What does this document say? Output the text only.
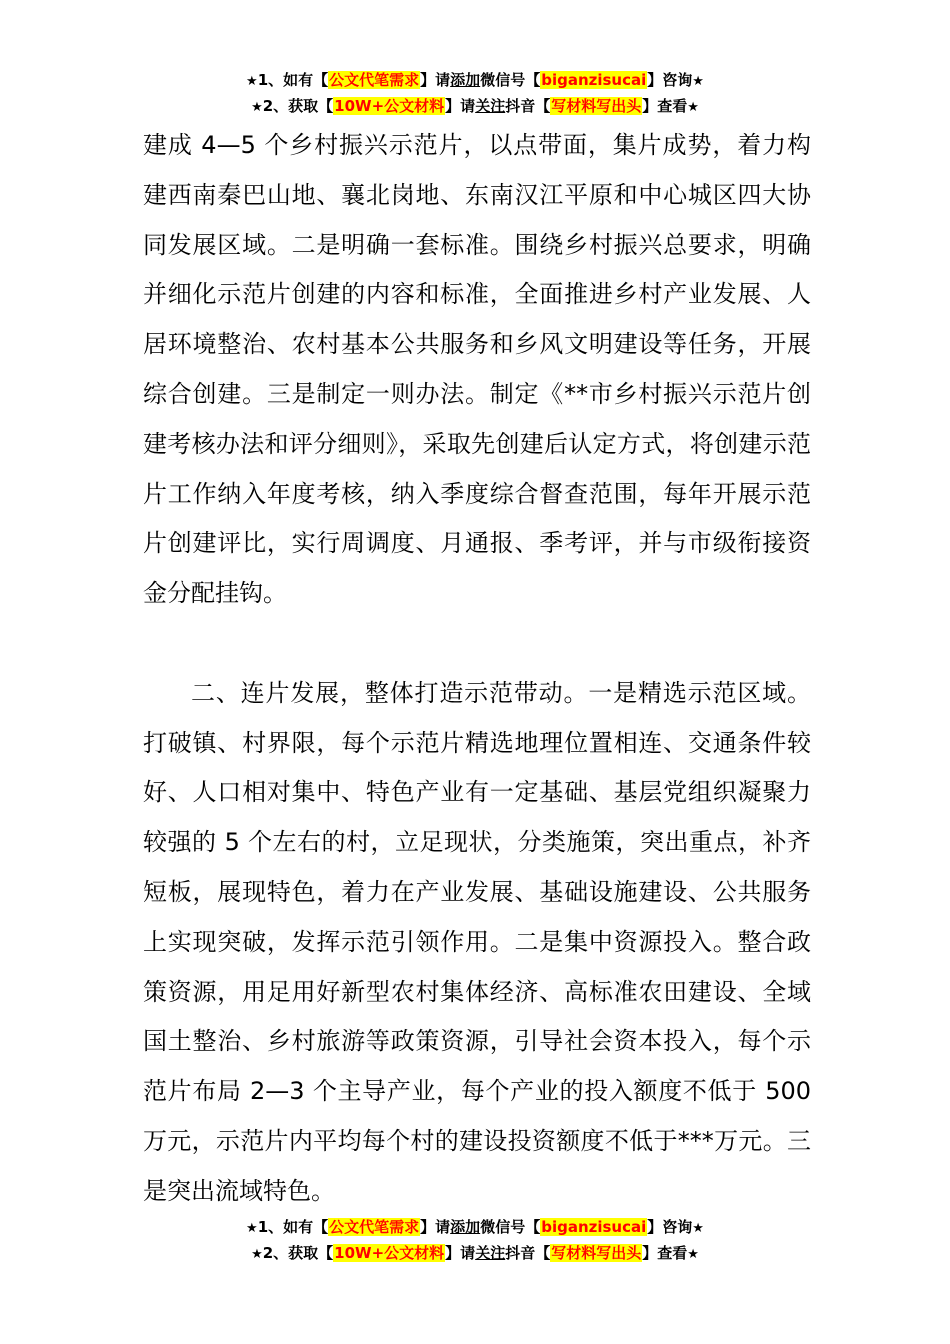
★1、如有【公文代笔需求】请添加微信号【biganzisucai】咨询★
★2、获取【10W+公文材料】请关注抖音【写材料写出头】查看★

建成 4—5 个乡村振兴示范片，以点带面，集片成势，着力构建西南秦巴山地、襄北岗地、东南汉江平原和中心城区四大协同发展区域。二是明确一套标准。围绕乡村振兴总要求，明确并细化示范片创建的内容和标准，全面推进乡村产业发展、人居环境整治、农村基本公共服务和乡风文明建设等任务，开展综合创建。三是制定一则办法。制定《**市乡村振兴示范片创建考核办法和评分细则》，采取先创建后认定方式，将创建示范片工作纳入年度考核，纳入季度综合督查范围，每年开展示范片创建评比，实行周调度、月通报、季考评，并与市级衔接资金分配挂钩。

二、连片发展，整体打造示范带动。一是精选示范区域。打破镇、村界限，每个示范片精选地理位置相连、交通条件较好、人口相对集中、特色产业有一定基础、基层党组织凝聚力较强的 5 个左右的村，立足现状，分类施策，突出重点，补齐短板，展现特色，着力在产业发展、基础设施建设、公共服务上实现突破，发挥示范引领作用。二是集中资源投入。整合政策资源，用足用好新型农村集体经济、高标准农田建设、全域国土整治、乡村旅游等政策资源，引导社会资本投入，每个示范片布局 2—3 个主导产业，每个产业的投入额度不低于 500 万元，示范片内平均每个村的建设投资额度不低于***万元。三是突出流域特色。

★1、如有【公文代笔需求】请添加微信号【biganzisucai】咨询★
★2、获取【10W+公文材料】请关注抖音【写材料写出头】查看★
